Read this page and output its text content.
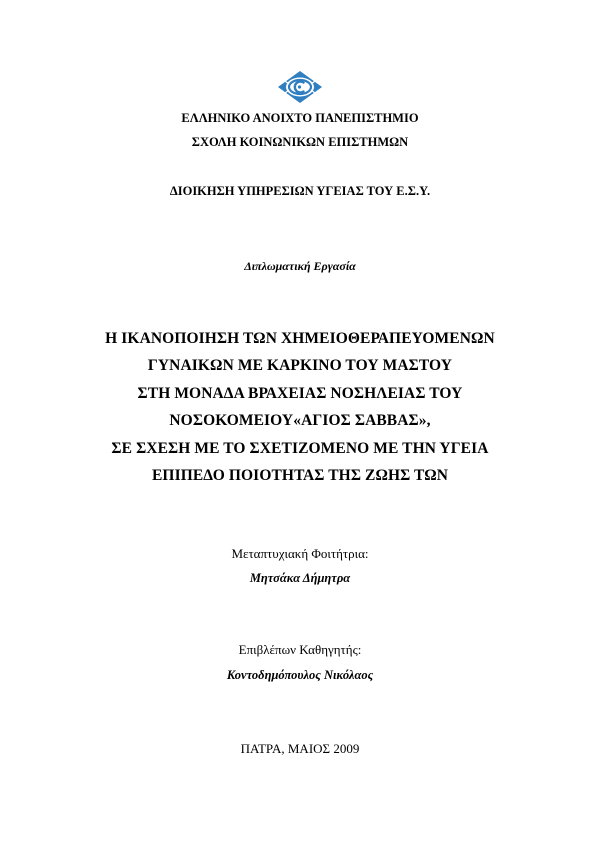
ΕΛΛΗΝΙΚΟ ΑΝΟΙΧΤΟ ΠΑΝΕΠΙΣΤΗΜΙΟ
ΣΧΟΛΗ ΚΟΙΝΩΝΙΚΩΝ ΕΠΙΣΤΗΜΩΝ
ΔΙΟΙΚΗΣΗ ΥΠΗΡΕΣΙΩΝ ΥΓΕΙΑΣ ΤΟΥ Ε.Σ.Υ.
Διπλωματική Εργασία
Η ΙΚΑΝΟΠΟΙΗΣΗ ΤΩΝ ΧΗΜΕΙΟΘΕΡΑΠΕΥΟΜΕΝΩΝ
ΓΥΝΑΙΚΩΝ ΜΕ ΚΑΡΚΙΝΟ ΤΟΥ ΜΑΣΤΟΥ
ΣΤΗ ΜΟΝΑΔΑ ΒΡΑΧΕΙΑΣ ΝΟΣΗΛΕΙΑΣ ΤΟΥ
ΝΟΣΟΚΟΜΕΙΟΥ«ΑΓΙΟΣ ΣΑΒΒΑΣ»,
ΣΕ ΣΧΕΣΗ ΜΕ ΤΟ ΣΧΕΤΙΖΟΜΕΝΟ ΜΕ ΤΗΝ ΥΓΕΙΑ
ΕΠΙΠΕΔΟ ΠΟΙΟΤΗΤΑΣ ΤΗΣ ΖΩΗΣ ΤΩΝ
Μεταπτυχιακή Φοιτήτρια:
Μητσάκα Δήμητρα
Επιβλέπων Καθηγητής:
Κοντοδημόπουλος Νικόλαος
ΠΑΤΡΑ, ΜΑΙΟΣ 2009
